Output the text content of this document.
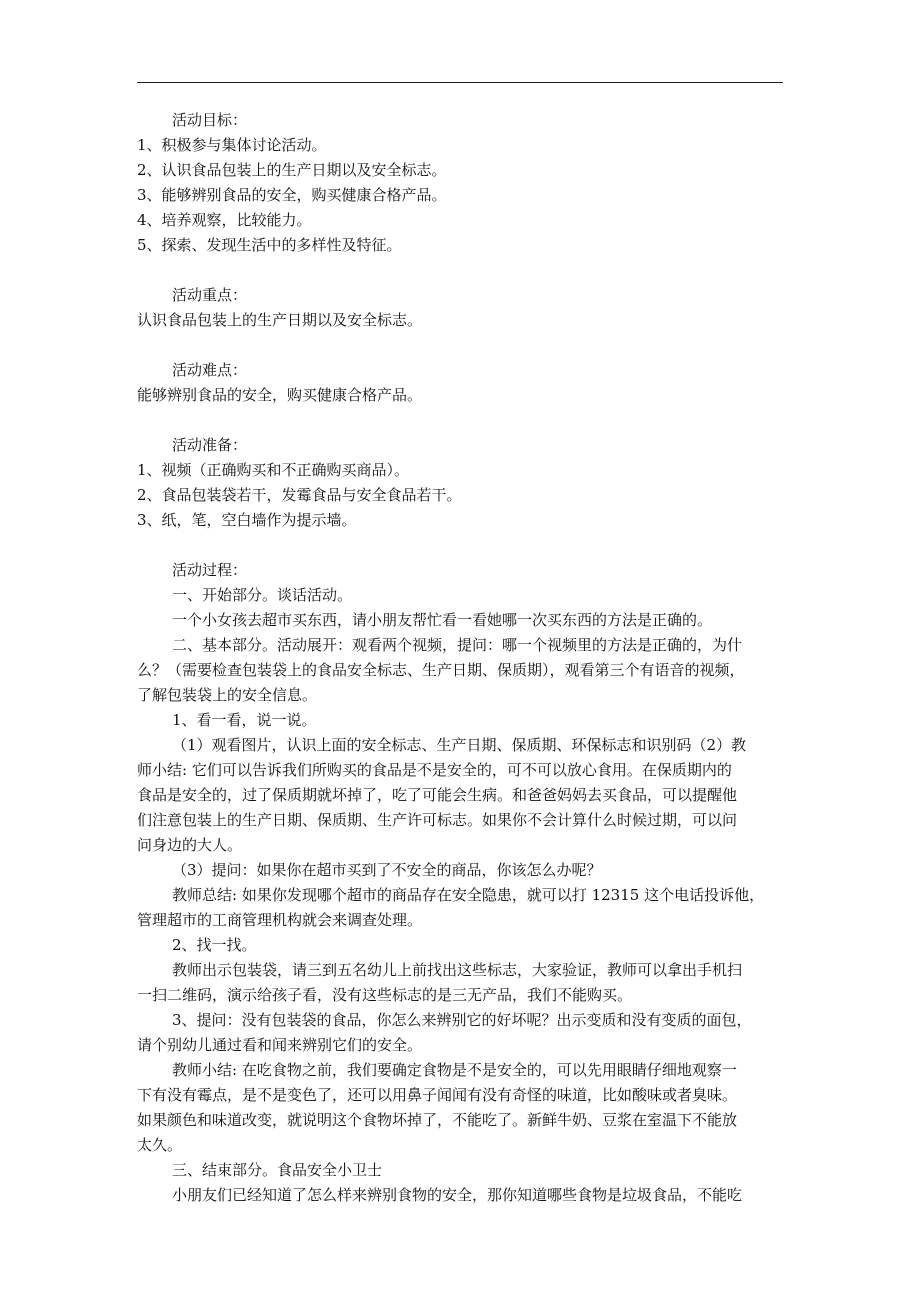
活动目标：
1、积极参与集体讨论活动。
2、认识食品包装上的生产日期以及安全标志。
3、能够辨别食品的安全，购买健康合格产品。
4、培养观察，比较能力。
5、探索、发现生活中的多样性及特征。
活动重点：
认识食品包装上的生产日期以及安全标志。
活动难点：
能够辨别食品的安全，购买健康合格产品。
活动准备：
1、视频（正确购买和不正确购买商品）。
2、食品包装袋若干，发霉食品与安全食品若干。
3、纸，笔，空白墙作为提示墙。
活动过程：
一、开始部分。谈话活动。
一个小女孩去超市买东西，请小朋友帮忙看一看她哪一次买东西的方法是正确的。
二、基本部分。活动展开：观看两个视频，提问：哪一个视频里的方法是正确的，为什
么？（需要检查包装袋上的食品安全标志、生产日期、保质期），观看第三个有语音的视频，
了解包装袋上的安全信息。
1、看一看，说一说。
（1）观看图片，认识上面的安全标志、生产日期、保质期、环保标志和识别码（2）教
师小结: 它们可以告诉我们所购买的食品是不是安全的，可不可以放心食用。在保质期内的
食品是安全的，过了保质期就坏掉了，吃了可能会生病。和爸爸妈妈去买食品，可以提醒他
们注意包装上的生产日期、保质期、生产许可标志。如果你不会计算什么时候过期，可以问
问身边的大人。
（3）提问：如果你在超市买到了不安全的商品，你该怎么办呢？
教师总结: 如果你发现哪个超市的商品存在安全隐患，就可以打 12315 这个电话投诉他，
管理超市的工商管理机构就会来调查处理。
2、找一找。
教师出示包装袋，请三到五名幼儿上前找出这些标志，大家验证，教师可以拿出手机扫
一扫二维码，演示给孩子看，没有这些标志的是三无产品，我们不能购买。
3、提问：没有包装袋的食品，你怎么来辨别它的好坏呢？出示变质和没有变质的面包，
请个别幼儿通过看和闻来辨别它们的安全。
教师小结: 在吃食物之前，我们要确定食物是不是安全的，可以先用眼睛仔细地观察一
下有没有霉点，是不是变色了，还可以用鼻子闻闻有没有奇怪的味道，比如酸味或者臭味。
如果颜色和味道改变，就说明这个食物坏掉了，不能吃了。新鲜牛奶、豆浆在室温下不能放
太久。
三、结束部分。食品安全小卫士
小朋友们已经知道了怎么样来辨别食物的安全，那你知道哪些食物是垃圾食品，不能吃
